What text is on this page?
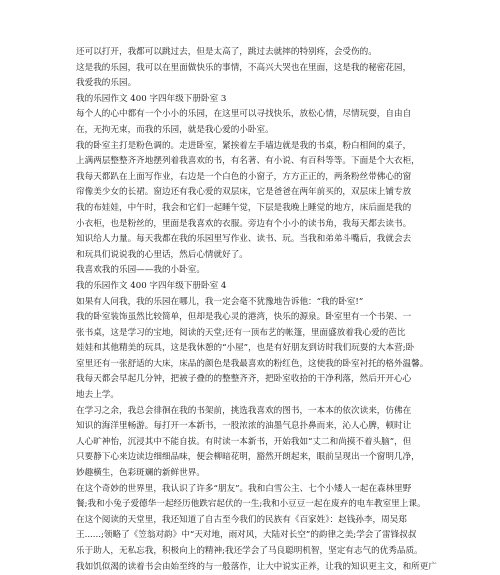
还可以打开，我都可以跳过去，但是太高了，跳过去就摔的特别疼，会受伤的。

这是我的乐园，我可以在里面做快乐的事情，不高兴大哭也在里面，这是我的秘密花园，

我爱我的乐园。

我的乐园作文 400 字四年级下册卧室 3

每个人的心中都有一个小小的乐园，在这里可以寻找快乐，放松心情，尽情玩耍，自由自

在，无拘无束，而我的乐园，就是我心爱的小卧室。

我的卧室主打是粉色调的。走进卧室，紧挨着左手墙边就是我的书桌，粉白相间的桌子，

上满两层整整齐齐地摆列着我喜欢的书，有名著、有小说、有百科等等。下面是个大衣柜，

我每天都趴在上面写作业，右边是一个白色的小窗子，方方正正的，两条粉丝带佛心的窗

帘像美少女的长裙。窗边还有我心爱的双层床，它是爸爸在两年前买的，双层床上铺专放

我的布娃娃，中午时，我会和它们一起睡午觉，下层是我晚上睡觉的地方，床后面是我的

小衣柜，也是粉丝的，里面是我喜欢的衣服。旁边有个小小的读书角，我每天都去读书。

知识给人力量。每天我都在我的乐园里写作业、读书、玩。当我和弟弟斗嘴后，我就会去

和玩具们说说我的心里话，然后心情就好了。

我喜欢我的乐园——我的小卧室。

我的乐园作文 400 字四年级下册卧室 4

如果有人问我，我的乐园在哪儿，我一定会毫不犹豫地告诉他：“我的卧室!”

我的卧室装饰虽然比较简单，但却是我心灵的港湾，快乐的源泉。卧室里有一个书架、一

张书桌，这是学习的宝地，阅读的天堂;还有一顶布艺的帐篷，里面盛放着我心爱的芭比

娃娃和其他精美的玩具，这是我休憩的“小屋”，也是有好朋友到访时我们玩耍的大本营;卧

室里还有一张舒适的大床，床品的颜色是我最喜欢的粉红色，这使我的卧室衬托的格外温馨。

我每天都会早起几分钟，把被子叠的的整整齐齐，把卧室收拾的干净利落，然后开开心心

地去上学。

在学习之余，我总会徘徊在我的书架前，挑选我喜欢的图书，一本本的依次读来，仿佛在

知识的海洋里畅游。每打开一本新书，一股浓浓的油墨气息扑鼻而来，沁人心脾，顿时让

人心旷神怡，沉浸其中不能自拔。有时读一本新书，开始我如“丈二和尚摸不着头脑”，但

只要静下心来边读边细细品味，便会柳暗花明，豁然开朗起来，眼前呈现出一个窗明几净，

妙趣横生，色彩斑斓的新鲜世界。

在这个奇妙的世界里，我认识了许多“朋友”。我和白雪公主、七个小矮人一起在森林里野

餐;我和小兔子爱德华一起经历他跌宕起伏的一生;我和小豆豆一起在废弃的电车教室里上课。

在这个阅读的天堂里，我还知道了自古至今我们的民族有《百家姓》：赵钱孙李，周吴郑

王......;领略了《笠翁对韵》中“天对地，雨对风，大陆对长空”的韵律之美;学会了雷锋叔叔

乐于助人，无私忘我，积极向上的精神;我还学会了马良聪明机智，坚定有志气的优秀品质。

我如饥似渴的读着书会由始至终的与一般落作，让大中说实正养，让我的知识更主文，和所更广
